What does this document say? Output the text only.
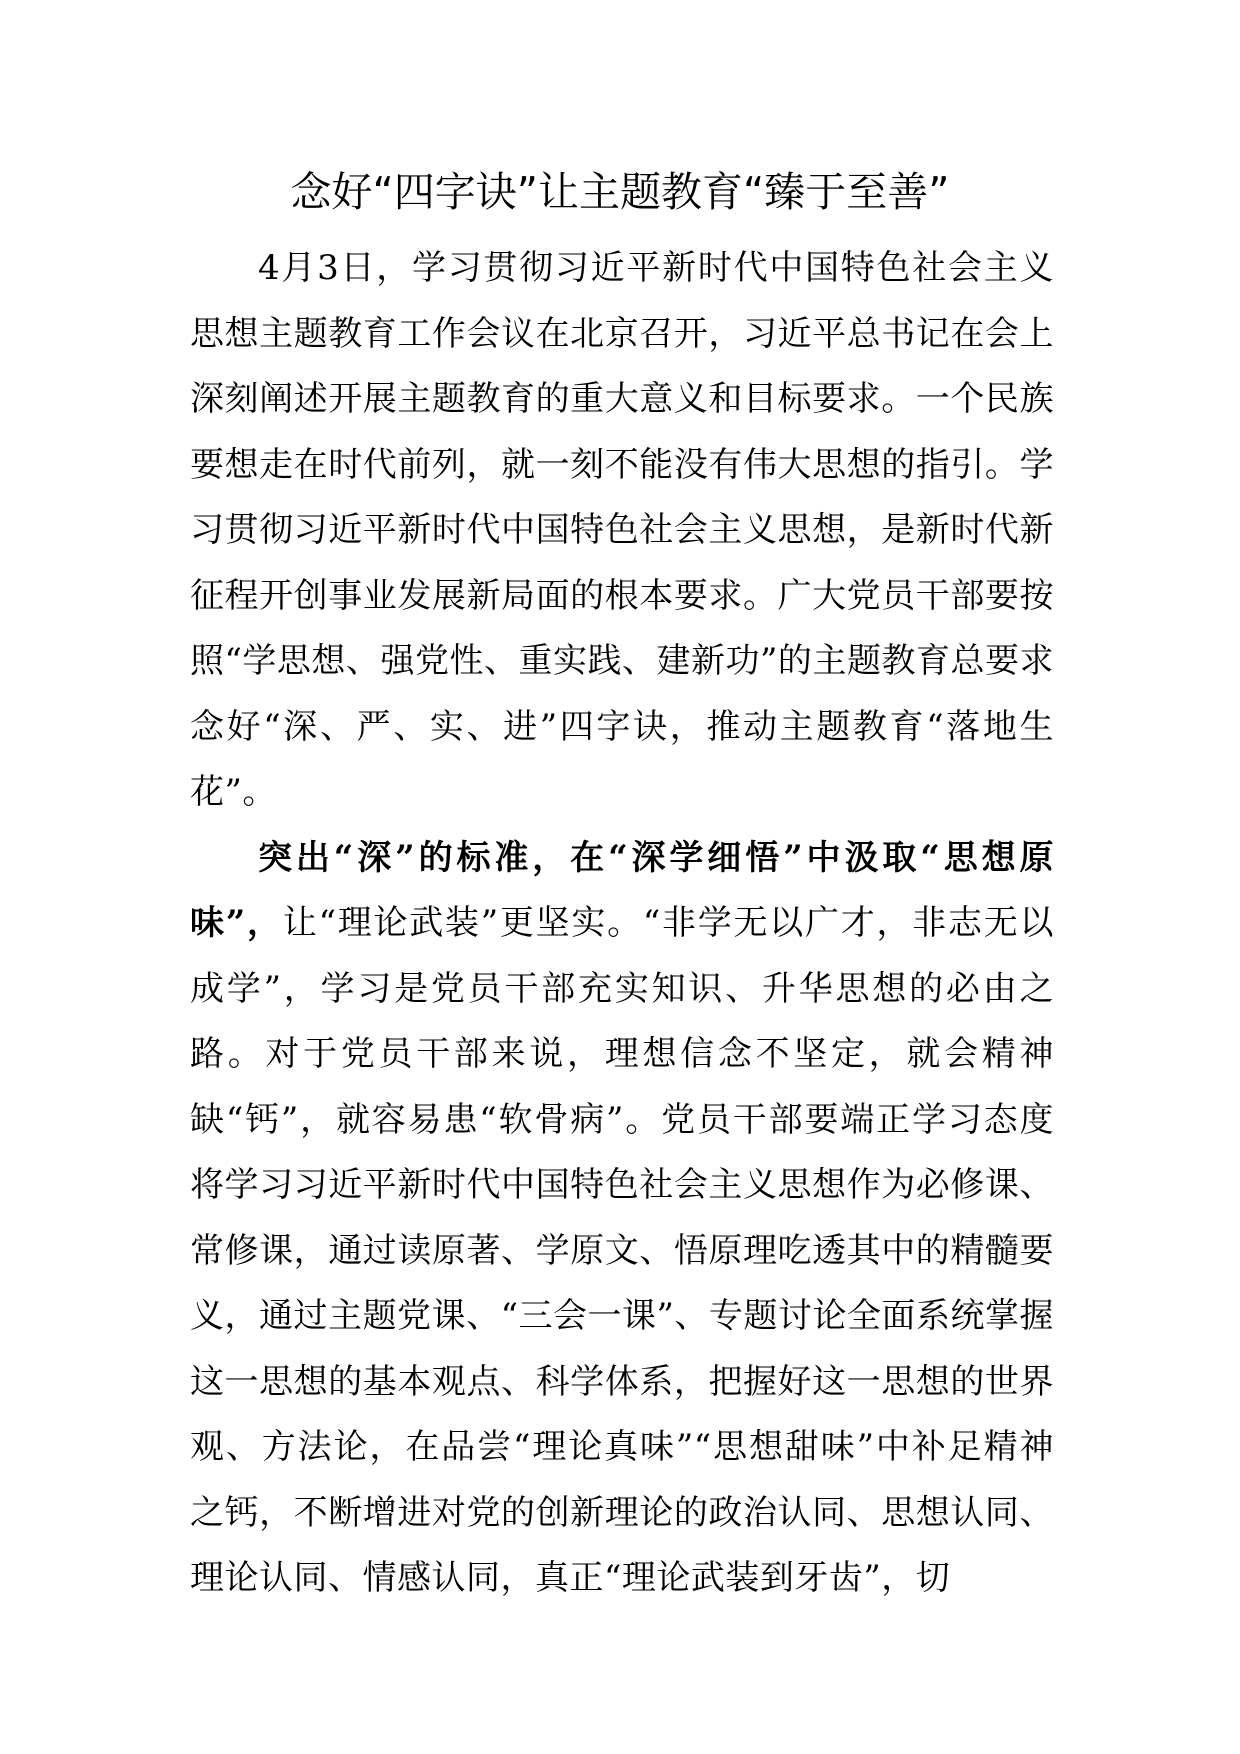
念好“四字诀”让主题教育“臻于至善”

4月3日，学习贯彻习近平新时代中国特色社会主义思想主题教育工作会议在北京召开，习近平总书记在会上深刻阐述开展主题教育的重大意义和目标要求。一个民族要想走在时代前列，就一刻不能没有伟大思想的指引。学习贯彻习近平新时代中国特色社会主义思想，是新时代新征程开创事业发展新局面的根本要求。广大党员干部要按照“学思想、强党性、重实践、建新功”的主题教育总要求念好“深、严、实、进”四字诀，推动主题教育“落地生花”。

突出“深”的标准，在“深学细悟”中汲取“思想原味”，让“理论武装”更坚实。“非学无以广才，非志无以成学”，学习是党员干部充实知识、升华思想的必由之路。对于党员干部来说，理想信念不坚定，就会精神缺“钙”，就容易患“软骨病”。党员干部要端正学习态度将学习习近平新时代中国特色社会主义思想作为必修课、常修课，通过读原著、学原文、悟原理吃透其中的精髓要义，通过主题党课、“三会一课”、专题讨论全面系统掌握这一思想的基本观点、科学体系，把握好这一思想的世界观、方法论，在品尝“理论真味”“思想甜味”中补足精神之钙，不断增进对党的创新理论的政治认同、思想认同、理论认同、情感认同，真正“理论武装到牙齿”，切
